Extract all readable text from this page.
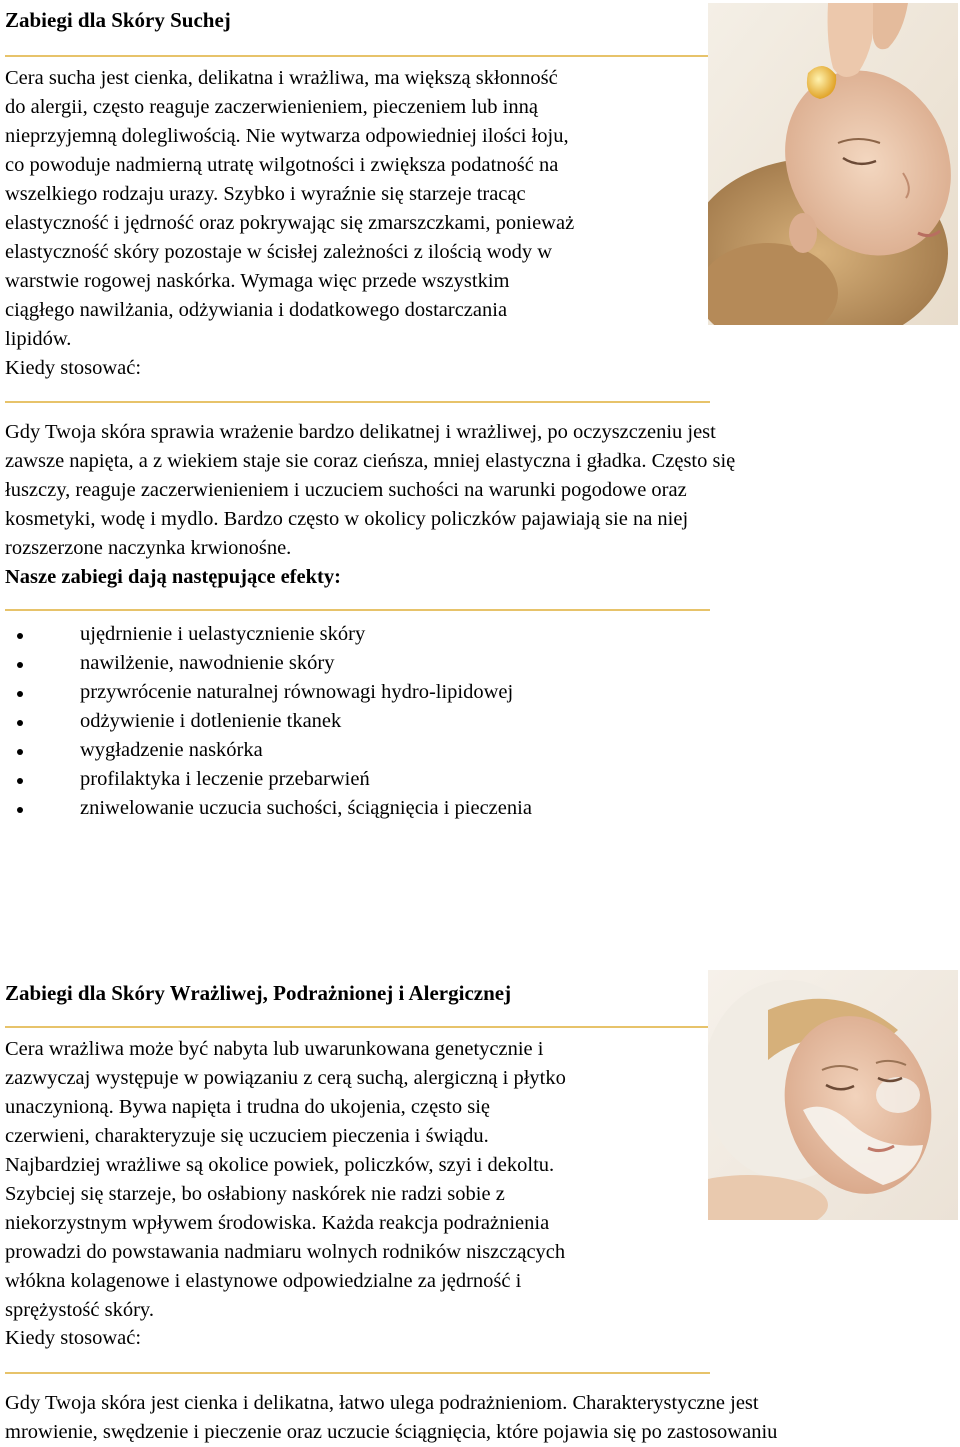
Zabiegi dla Skóry Suchej
Cera sucha jest cienka, delikatna i wrażliwa, ma większą skłonność
do alergii, często reaguje zaczerwienieniem, pieczeniem lub inną
nieprzyjemną dolegliwością. Nie wytwarza odpowiedniej ilości łoju,
co powoduje nadmierną utratę wilgotności i zwiększa podatność na
wszelkiego rodzaju urazy. Szybko i wyraźnie się starzeje tracąc
elastyczność i jędrność oraz pokrywając się zmarszczkami, ponieważ
elastyczność skóry pozostaje w ścisłej zależności z ilością wody w
warstwie rogowej naskórka. Wymaga więc przede wszystkim
ciągłego nawilżania, odżywiania i dodatkowego dostarczania
lipidów.
Kiedy stosować:
Gdy Twoja skóra sprawia wrażenie bardzo delikatnej i wrażliwej, po oczyszczeniu jest
zawsze napięta, a z wiekiem staje sie coraz cieńsza, mniej elastyczna i gładka. Często się
łuszczy, reaguje zaczerwienieniem i uczuciem suchości na warunki pogodowe oraz
kosmetyki, wodę i mydlo. Bardzo często w okolicy policzków pajawiają sie na niej
rozszerzone naczynka krwionośne.
Nasze zabiegi dają następujące efekty:
ujędrnienie i uelastycznienie skóry
nawilżenie, nawodnienie skóry
przywrócenie naturalnej równowagi hydro-lipidowej
odżywienie i dotlenienie tkanek
wygładzenie naskórka
profilaktyka i leczenie przebarwień
zniwelowanie uczucia suchości, ściągnięcia i pieczenia
Zabiegi dla Skóry Wrażliwej, Podrażnionej i Alergicznej
Cera wrażliwa może być nabyta lub uwarunkowana genetycznie i
zazwyczaj występuje w powiązaniu z cerą suchą, alergiczną i płytko
unaczynioną. Bywa napięta i trudna do ukojenia, często się
czerwieni, charakteryzuje się uczuciem pieczenia i świądu.
Najbardziej wrażliwe są okolice powiek, policzków, szyi i dekoltu.
Szybciej się starzeje, bo osłabiony naskórek nie radzi sobie z
niekorzystnym wpływem środowiska. Każda reakcja podrażnienia
prowadzi do powstawania nadmiaru wolnych rodników niszczących
włókna kolagenowe i elastynowe odpowiedzialne za jędrność i
sprężystość skóry.
Kiedy stosować:
Gdy Twoja skóra jest cienka i delikatna, łatwo ulega podrażnieniom. Charakterystyczne jest
mrowienie, swędzenie i pieczenie oraz uczucie ściągnięcia, które pojawia się po zastosowaniu
